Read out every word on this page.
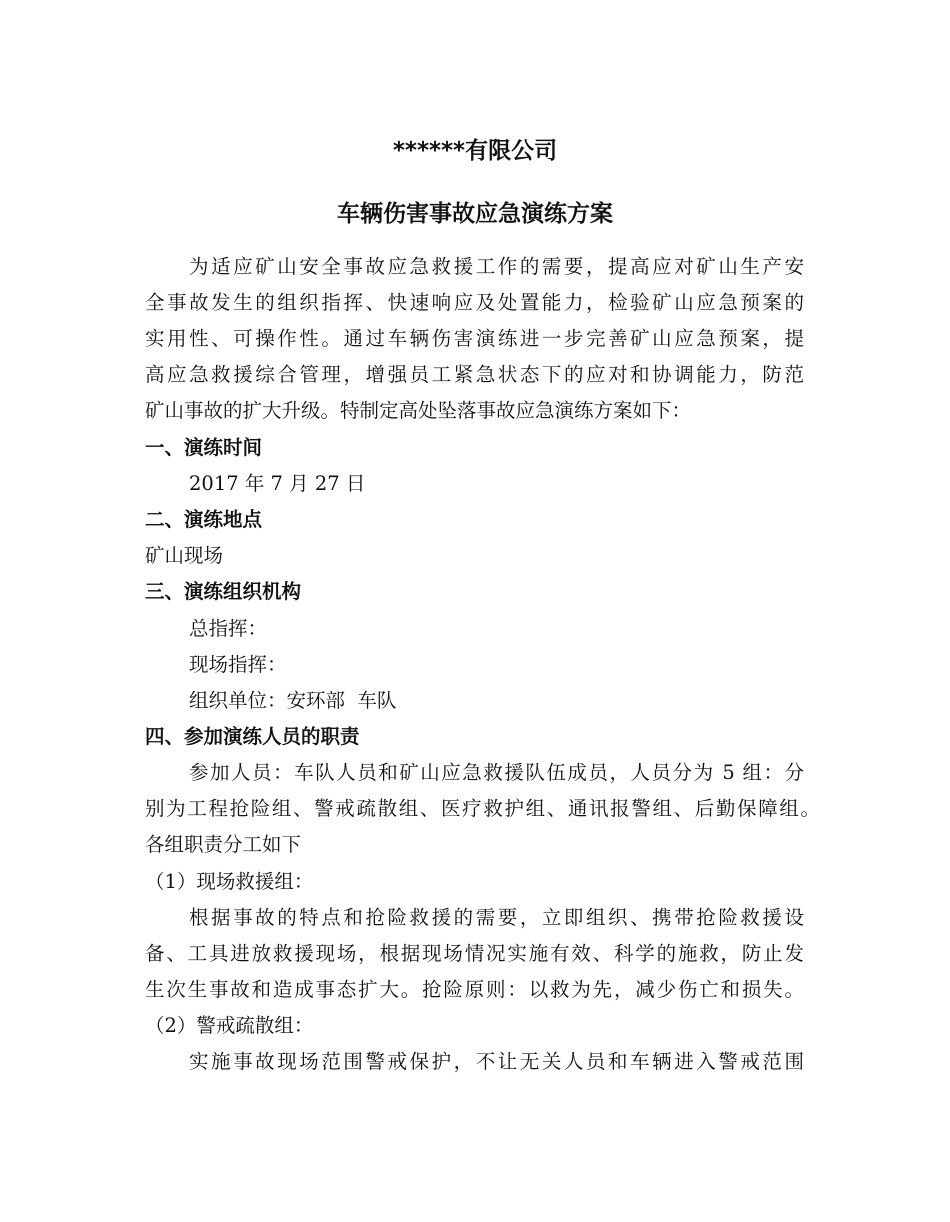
******有限公司
车辆伤害事故应急演练方案
为适应矿山安全事故应急救援工作的需要，提高应对矿山生产安
全事故发生的组织指挥、快速响应及处置能力，检验矿山应急预案的
实用性、可操作性。通过车辆伤害演练进一步完善矿山应急预案，提
高应急救援综合管理，增强员工紧急状态下的应对和协调能力，防范
矿山事故的扩大升级。特制定高处坠落事故应急演练方案如下：
一、演练时间
2017 年 7 月 27 日
二、演练地点
矿山现场
三、演练组织机构
总指挥：
现场指挥：
组织单位：安环部  车队
四、参加演练人员的职责
参加人员：车队人员和矿山应急救援队伍成员，人员分为 5 组：分
别为工程抢险组、警戒疏散组、医疗救护组、通讯报警组、后勤保障组。
各组职责分工如下
（1）现场救援组：
根据事故的特点和抢险救援的需要，立即组织、携带抢险救援设
备、工具进放救援现场，根据现场情况实施有效、科学的施救，防止发
生次生事故和造成事态扩大。抢险原则：以救为先，减少伤亡和损失。
（2）警戒疏散组：
实施事故现场范围警戒保护，不让无关人员和车辆进入警戒范围
